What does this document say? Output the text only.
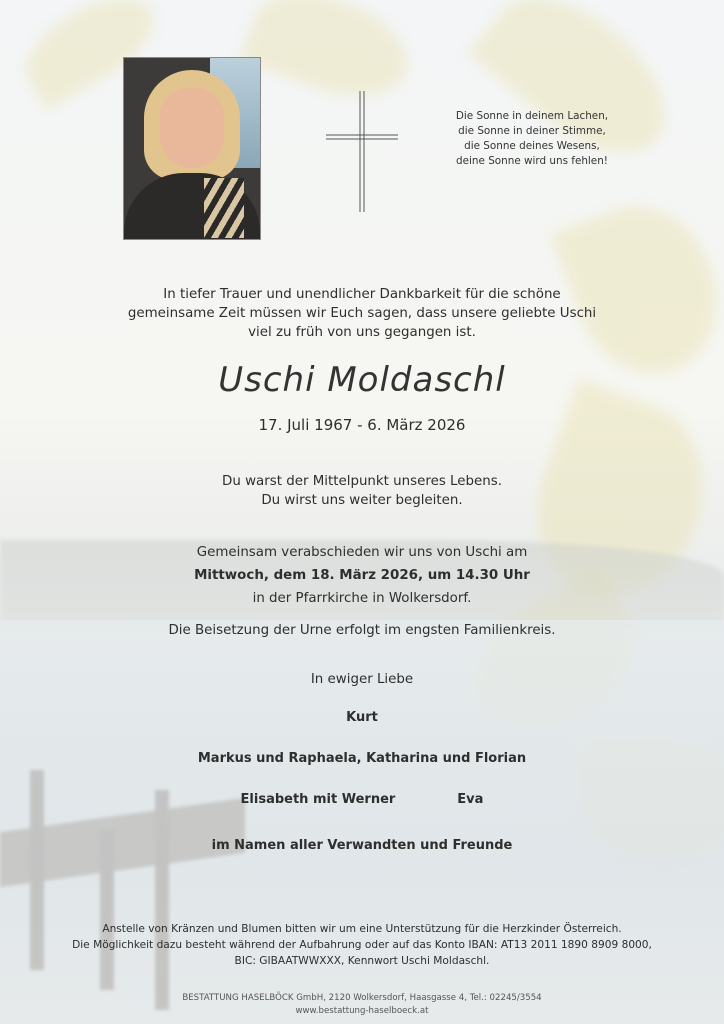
Die Sonne in deinem Lachen,
die Sonne in deiner Stimme,
die Sonne deines Wesens,
deine Sonne wird uns fehlen!
In tiefer Trauer und unendlicher Dankbarkeit für die schöne
gemeinsame Zeit müssen wir Euch sagen, dass unsere geliebte Uschi
viel zu früh von uns gegangen ist.
Uschi Moldaschl
17. Juli 1967 - 6. März 2026
Du warst der Mittelpunkt unseres Lebens.
Du wirst uns weiter begleiten.
Gemeinsam verabschieden wir uns von Uschi am
Mittwoch, dem 18. März 2026, um 14.30 Uhr
in der Pfarrkirche in Wolkersdorf.
Die Beisetzung der Urne erfolgt im engsten Familienkreis.
In ewiger Liebe
Kurt
Markus und Raphaela, Katharina und Florian
Elisabeth mit Werner	Eva
im Namen aller Verwandten und Freunde
Anstelle von Kränzen und Blumen bitten wir um eine Unterstützung für die Herzkinder Österreich.
Die Möglichkeit dazu besteht während der Aufbahrung oder auf das Konto IBAN: AT13 2011 1890 8909 8000,
BIC: GIBAATWWXXX, Kennwort Uschi Moldaschl.
BESTATTUNG HASELBÖCK GmbH, 2120 Wolkersdorf, Haasgasse 4, Tel.: 02245/3554
www.bestattung-haselboeck.at
